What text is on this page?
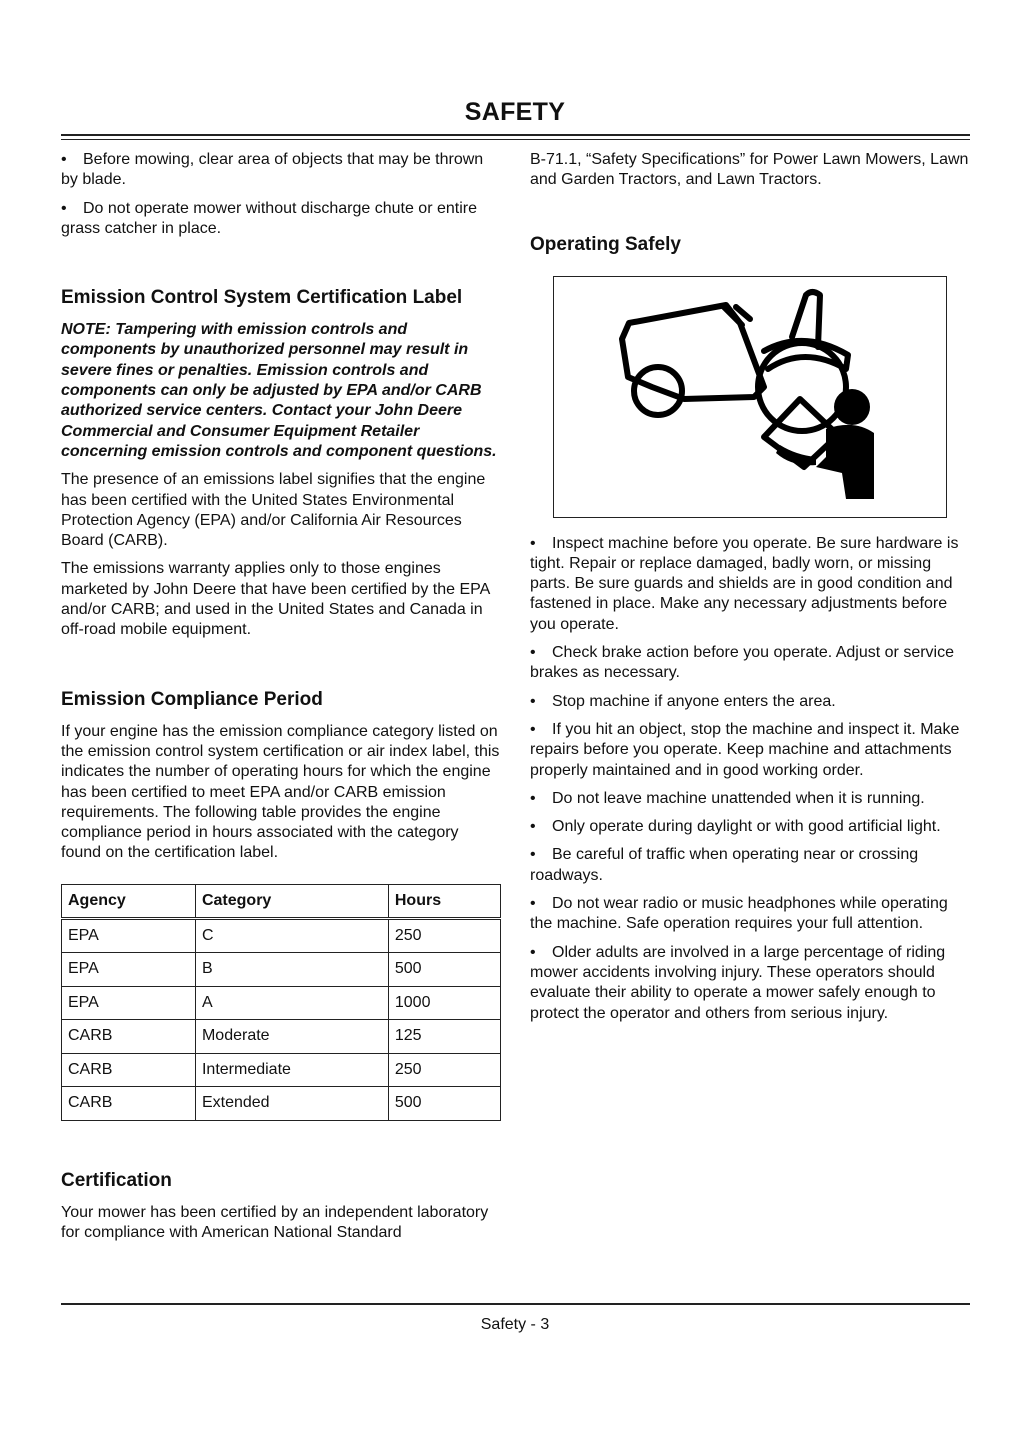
SAFETY

• Before mowing, clear area of objects that may be thrown by blade.

• Do not operate mower without discharge chute or entire grass catcher in place.

Emission Control System Certification Label

NOTE: Tampering with emission controls and components by unauthorized personnel may result in severe fines or penalties. Emission controls and components can only be adjusted by EPA and/or CARB authorized service centers. Contact your John Deere Commercial and Consumer Equipment Retailer concerning emission controls and component questions.

The presence of an emissions label signifies that the engine has been certified with the United States Environmental Protection Agency (EPA) and/or California Air Resources Board (CARB).

The emissions warranty applies only to those engines marketed by John Deere that have been certified by the EPA and/or CARB; and used in the United States and Canada in off-road mobile equipment.

Emission Compliance Period

If your engine has the emission compliance category listed on the emission control system certification or air index label, this indicates the number of operating hours for which the engine has been certified to meet EPA and/or CARB emission requirements. The following table provides the engine compliance period in hours associated with the category found on the certification label.

Agency	Category	Hours
EPA	C	250
EPA	B	500
EPA	A	1000
CARB	Moderate	125
CARB	Intermediate	250
CARB	Extended	500
Certification

Your mower has been certified by an independent laboratory for compliance with American National Standard

B-71.1, “Safety Specifications” for Power Lawn Mowers, Lawn and Garden Tractors, and Lawn Tractors.

Operating Safely

• Inspect machine before you operate. Be sure hardware is tight. Repair or replace damaged, badly worn, or missing parts. Be sure guards and shields are in good condition and fastened in place. Make any necessary adjustments before you operate.

• Check brake action before you operate. Adjust or service brakes as necessary.

• Stop machine if anyone enters the area.

• If you hit an object, stop the machine and inspect it. Make repairs before you operate. Keep machine and attachments properly maintained and in good working order.

• Do not leave machine unattended when it is running.

• Only operate during daylight or with good artificial light.

• Be careful of traffic when operating near or crossing roadways.

• Do not wear radio or music headphones while operating the machine. Safe operation requires your full attention.

• Older adults are involved in a large percentage of riding mower accidents involving injury. These operators should evaluate their ability to operate a mower safely enough to protect the operator and others from serious injury.

Safety - 3
